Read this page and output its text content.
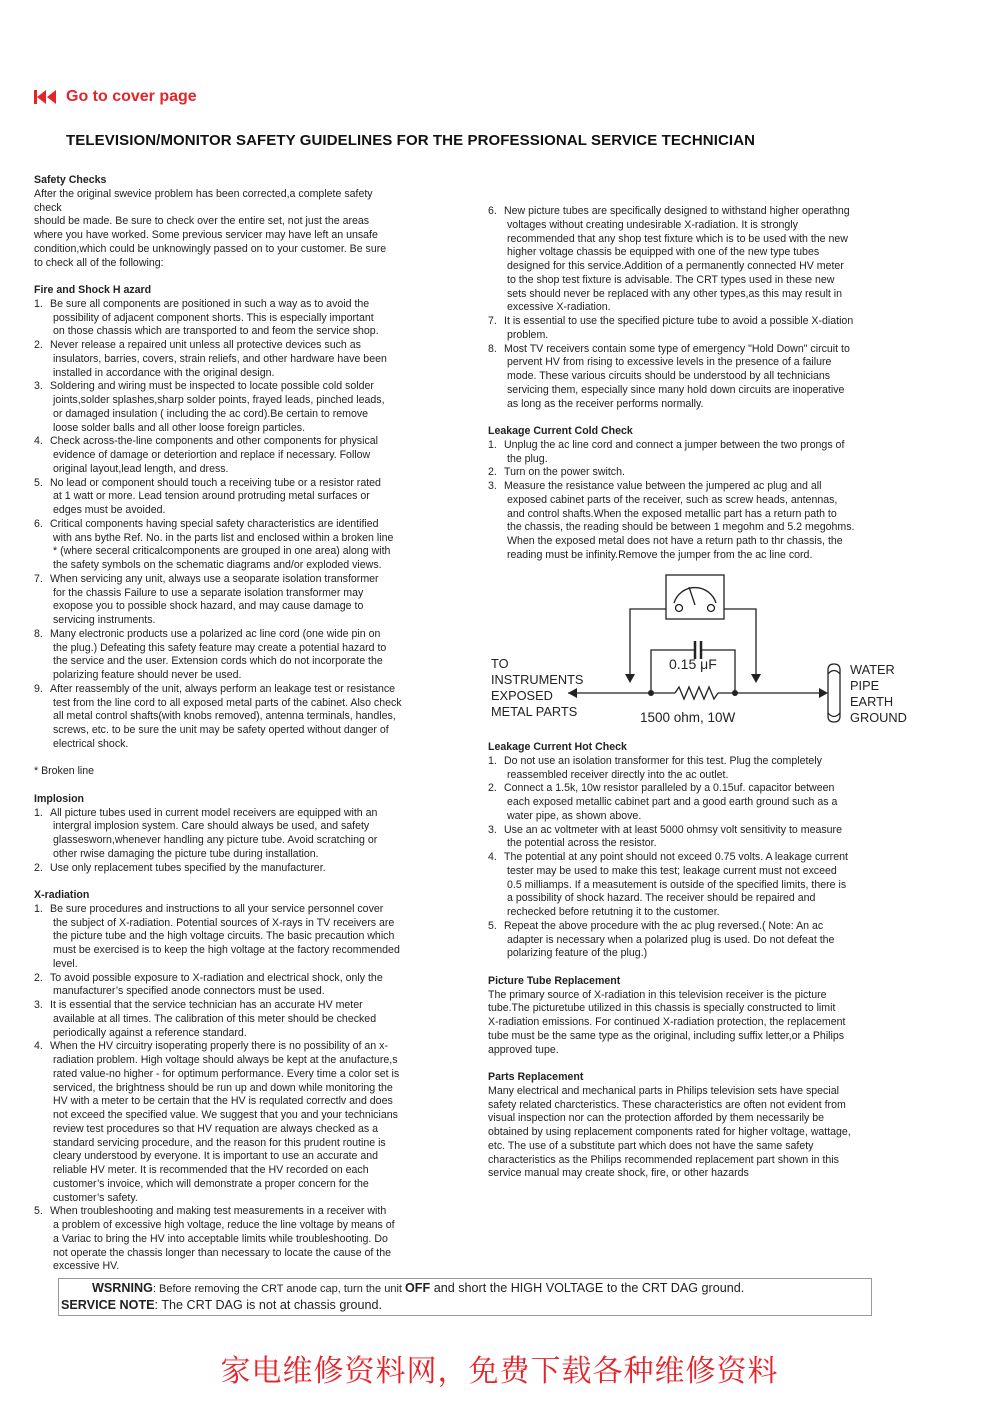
Go to cover page
TELEVISION/MONITOR SAFETY GUIDELINES FOR THE PROFESSIONAL SERVICE TECHNICIAN
Safety Checks
After the original swevice problem has been corrected,a complete safety
check
should be made. Be sure to check over the entire set, not just the areas
where you have worked. Some previous servicer may have left an unsafe
condition,which could be unknowingly passed on to your customer. Be sure
to check all of the following:
Fire and Shock H azard
1. Be sure all components are positioned in such a way as to avoid the
possibility of adjacent component shorts. This is especially important
on those chassis which are transported to and feom the service shop.
2. Never release a repaired unit unless all protective devices such as
insulators, barries, covers, strain reliefs, and other hardware have been
installed in accordance with the original design.
3. Soldering and wiring must be inspected to locate possible cold solder
joints,solder splashes,sharp solder points, frayed leads, pinched leads,
or damaged insulation ( including the ac cord).Be certain to remove
loose solder balls and all other loose foreign particles.
4. Check across-the-line components and other components for physical
evidence of damage or deteriortion and replace if necessary. Follow
original layout,lead length, and dress.
5. No lead or component should touch a receiving tube or a resistor rated
at 1 watt or more. Lead tension around protruding metal surfaces or
edges must be avoided.
6. Critical components having special safety characteristics are identified
with ans bythe Ref. No. in the parts list and enclosed within a broken line
* (where seceral criticalcomponents are grouped in one area) along with
the safety symbols on the schematic diagrams and/or exploded views.
7. When servicing any unit, always use a seoparate isolation transformer
for the chassis Failure to use a separate isolation transformer may
exopose you to possible shock hazard, and may cause damage to
servicing instruments.
8. Many electronic products use a polarized ac line cord (one wide pin on
the plug.) Defeating this safety feature may create a potential hazard to
the service and the user. Extension cords which do not incorporate the
polarizing feature should never be used.
9. After reassembly of the unit, always perform an leakage test or resistance
test from the line cord to all exposed metal parts of the cabinet. Also check
all metal control shafts(with knobs removed), antenna terminals, handles,
screws, etc. to be sure the unit may be safety operted without danger of
electrical shock.

* Broken line

Implosion
1. All picture tubes used in current model receivers are equipped with an
intergral implosion system. Care should always be used, and safety
glassesworn,whenever handling any picture tube. Avoid scratching or
other rwise damaging the picture tube during installation.
2. Use only replacement tubes specified by the manufacturer.
X-radiation
1. Be sure procedures and instructions to all your service personnel cover
the subject of X-radiation. Potential sources of X-rays in TV receivers are
the picture tube and the high voltage circuits. The basic precaution which
must be exercised is to keep the high voltage at the factory recommended
level.
2. To avoid possible exposure to X-radiation and electrical shock, only the
manufacturer’s specified anode connectors must be used.
3. It is essential that the service technician has an accurate HV meter
available at all times. The calibration of this meter should be checked
periodically against a reference standard.
4. When the HV circuitry isoperating properly there is no possibility of an x-
radiation problem. High voltage should always be kept at the anufacture,s
rated value-no higher - for optimum performance. Every time a color set is
serviced, the brightness should be run up and down while monitoring the
HV with a meter to be certain that the HV is requlated correctlv and does
not exceed the specified value. We suggest that you and your technicians
review test procedures so that HV requation are always checked as a
standard servicing procedure, and the reason for this prudent routine is
cleary understood by everyone. It is important to use an accurate and
reliable HV meter. It is recommended that the HV recorded on each
customer’s invoice, which will demonstrate a proper concern for the
customer’s safety.
5. When troubleshooting and making test measurements in a receiver with
a problem of excessive high voltage, reduce the line voltage by means of
a Variac to bring the HV into acceptable limits while troubleshooting. Do
not operate the chassis longer than necessary to locate the cause of the
excessive HV.
6. New picture tubes are specifically designed to withstand higher operathng
voltages without creating undesirable X-radiation. It is strongly
recommended that any shop test fixture which is to be used with the new
higher voltage chassis be equipped with one of the new type tubes
designed for this service.Addition of a permanently connected HV meter
to the shop test fixture is advisable. The CRT types used in these new
sets should never be replaced with any other types,as this may result in
excessive X-radiation.
7. It is essential to use the specified picture tube to avoid a possible X-diation
problem.
8. Most TV receivers contain some type of emergency "Hold Down" circuit to
pervent HV from rising to excessive levels in the presence of a failure
mode. These various circuits should be understood by all technicians
servicing them, especially since many hold down circuits are inoperative
as long as the receiver performs normally.
Leakage Current Cold Check
1. Unplug the ac line cord and connect a jumper between the two prongs of
the plug.
2. Turn on the power switch.
3. Measure the resistance value between the jumpered ac plug and all
exposed cabinet parts of the receiver, such as screw heads, antennas,
and control shafts.When the exposed metallic part has a return path to
the chassis, the reading should be between 1 megohm and 5.2 megohms.
When the exposed metal does not have a return path to thr chassis, the
reading must be infinity.Remove the jumper from the ac line cord.
TO
INSTRUMENTS
EXPOSED
METAL PARTS
0.15 μF
1500 ohm, 10W
WATER
PIPE
EARTH
GROUND
Leakage Current Hot Check
1. Do not use an isolation transformer for this test. Plug the completely
reassembled receiver directly into the ac outlet.
2. Connect a 1.5k, 10w resistor paralleled by a 0.15uf. capacitor between
each exposed metallic cabinet part and a good earth ground such as a
water pipe, as shown above.
3. Use an ac voltmeter with at least 5000 ohmsy volt sensitivity to measure
the potential across the resistor.
4. The potential at any point should not exceed 0.75 volts. A leakage current
tester may be used to make this test; leakage current must not exceed
0.5 milliamps. If a measutement is outside of the specified limits, there is
a possibility of shock hazard. The receiver should be repaired and
rechecked before retutning it to the customer.
5. Repeat the above procedure with the ac plug reversed.( Note: An ac
adapter is necessary when a polarized plug is used. Do not defeat the
polarizing feature of the plug.)
Picture Tube Replacement
The primary source of X-radiation in this television receiver is the picture
tube.The picturetube utilized in this chassis is specially constructed to limit
X-radiation emissions. For continued X-radiation protection, the replacement
tube must be the same type as the original, including suffix letter,or a Philips
approved tupe.
Parts Replacement
Many electrical and mechanical parts in Philips television sets have special
safety related charcteristics. These characteristics are often not evident from
visual inspection nor can the protection afforded by them necessarily be
obtained by using replacement components rated for higher voltage, wattage,
etc. The use of a substitute part which does not have the same safety
characteristics as the Philips recommended replacement part shown in this
service manual may create shock, fire, or other hazards
WSRNING: Before removing the CRT anode cap, turn the unit OFF and short the HIGH VOLTAGE to the CRT DAG ground.
SERVICE NOTE: The CRT DAG is not at chassis ground.
家电维修资料网，免费下载各种维修资料
